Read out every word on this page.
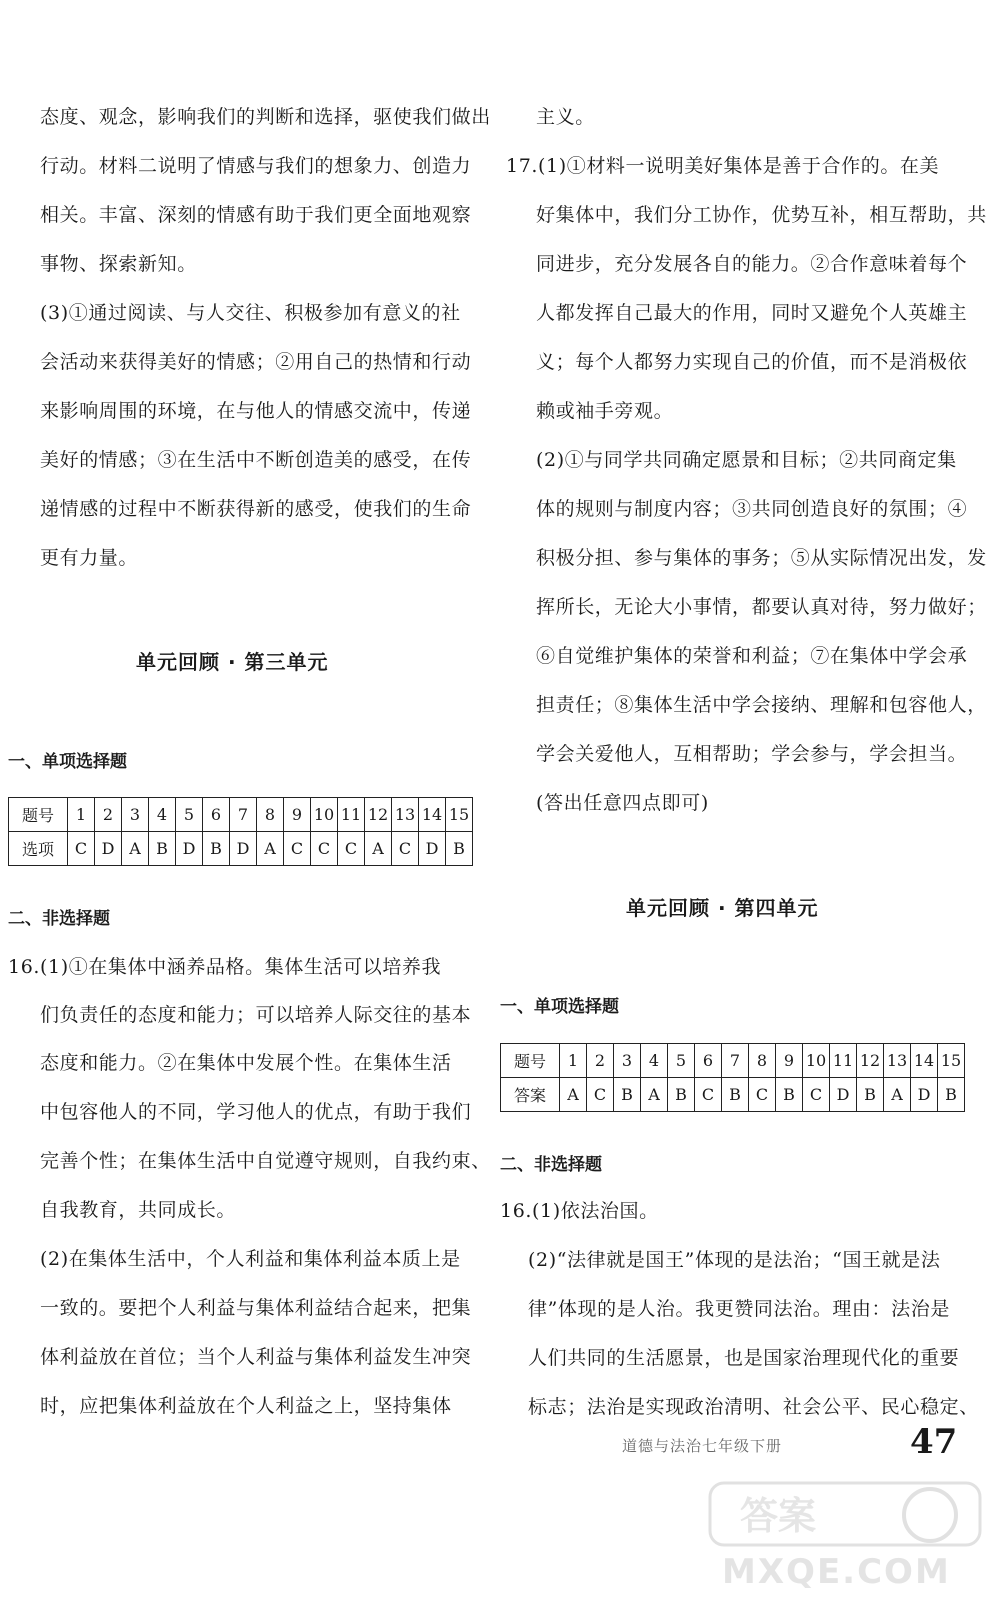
态度、观念，影响我们的判断和选择，驱使我们做出
行动。材料二说明了情感与我们的想象力、创造力
相关。丰富、深刻的情感有助于我们更全面地观察
事物、探索新知。
(3)①通过阅读、与人交往、积极参加有意义的社
会活动来获得美好的情感；②用自己的热情和行动
来影响周围的环境，在与他人的情感交流中，传递
美好的情感；③在生活中不断创造美的感受，在传
递情感的过程中不断获得新的感受，使我们的生命
更有力量。
单元回顾 · 第三单元
一、单项选择题
题号	1	2	3	4	5	6	7	8	9	10	11	12	13	14	15
选项	C	D	A	B	D	B	D	A	C	C	C	A	C	D	B
二、非选择题
16.(1)①在集体中涵养品格。集体生活可以培养我
们负责任的态度和能力；可以培养人际交往的基本
态度和能力。②在集体中发展个性。在集体生活
中包容他人的不同，学习他人的优点，有助于我们
完善个性；在集体生活中自觉遵守规则，自我约束、
自我教育，共同成长。
(2)在集体生活中，个人利益和集体利益本质上是
一致的。要把个人利益与集体利益结合起来，把集
体利益放在首位；当个人利益与集体利益发生冲突
时，应把集体利益放在个人利益之上，坚持集体
主义。
17.(1)①材料一说明美好集体是善于合作的。在美
好集体中，我们分工协作，优势互补，相互帮助，共
同进步，充分发展各自的能力。②合作意味着每个
人都发挥自己最大的作用，同时又避免个人英雄主
义；每个人都努力实现自己的价值，而不是消极依
赖或袖手旁观。
(2)①与同学共同确定愿景和目标；②共同商定集
体的规则与制度内容；③共同创造良好的氛围；④
积极分担、参与集体的事务；⑤从实际情况出发，发
挥所长，无论大小事情，都要认真对待，努力做好；
⑥自觉维护集体的荣誉和利益；⑦在集体中学会承
担责任；⑧集体生活中学会接纳、理解和包容他人，
学会关爱他人，互相帮助；学会参与，学会担当。
(答出任意四点即可)
单元回顾 · 第四单元
一、单项选择题
题号	1	2	3	4	5	6	7	8	9	10	11	12	13	14	15
答案	A	C	B	A	B	C	B	C	B	C	D	B	A	D	B
二、非选择题
16.(1)依法治国。
(2)“法律就是国王”体现的是法治；“国王就是法
律”体现的是人治。我更赞同法治。理由：法治是
人们共同的生活愿景，也是国家治理现代化的重要
标志；法治是实现政治清明、社会公平、民心稳定、
道德与法治七年级下册	47
答案
MXQE.COM
